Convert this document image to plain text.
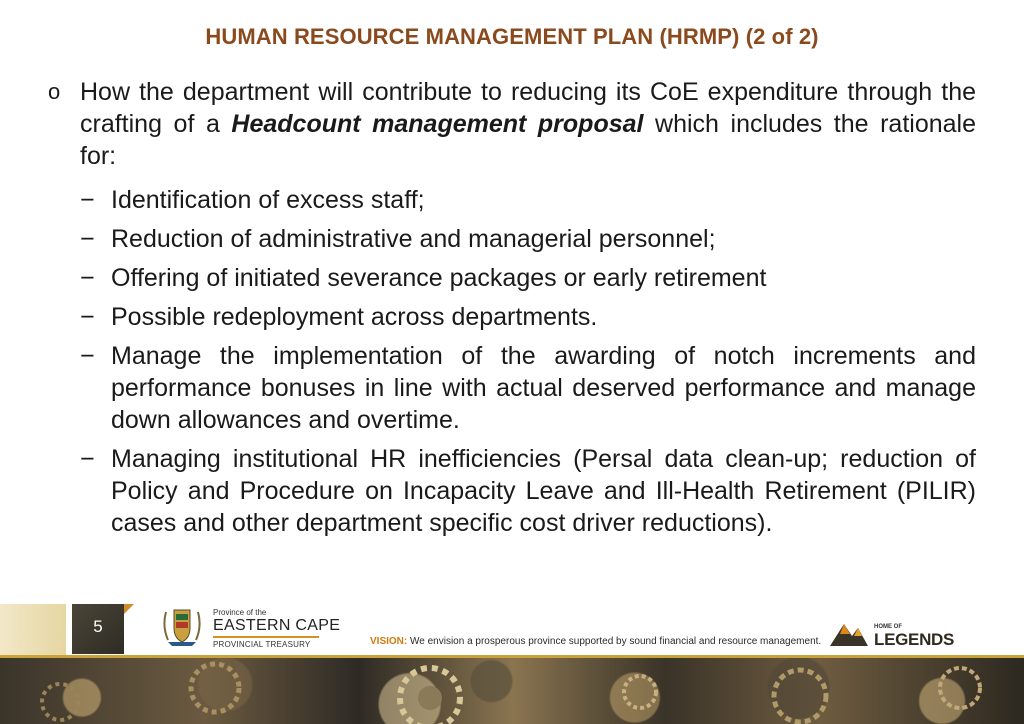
HUMAN RESOURCE MANAGEMENT PLAN (HRMP) (2 of 2)
o How the department will contribute to reducing its CoE expenditure through the crafting of a Headcount management proposal which includes the rationale for:

− Identification of excess staff;
− Reduction of administrative and managerial personnel;
− Offering of initiated severance packages or early retirement
− Possible redeployment across departments.
− Manage the implementation of the awarding of notch increments and performance bonuses in line with actual deserved performance and manage down allowances and overtime.
− Managing institutional HR inefficiencies (Persal data clean-up; reduction of Policy and Procedure on Incapacity Leave and Ill-Health Retirement (PILIR) cases and other department specific cost driver reductions).
5
Province of the
EASTERN CAPE
PROVINCIAL TREASURY	VISION: We envision a prosperous province supported by sound financial and resource management.
HOME OF
LEGENDS
